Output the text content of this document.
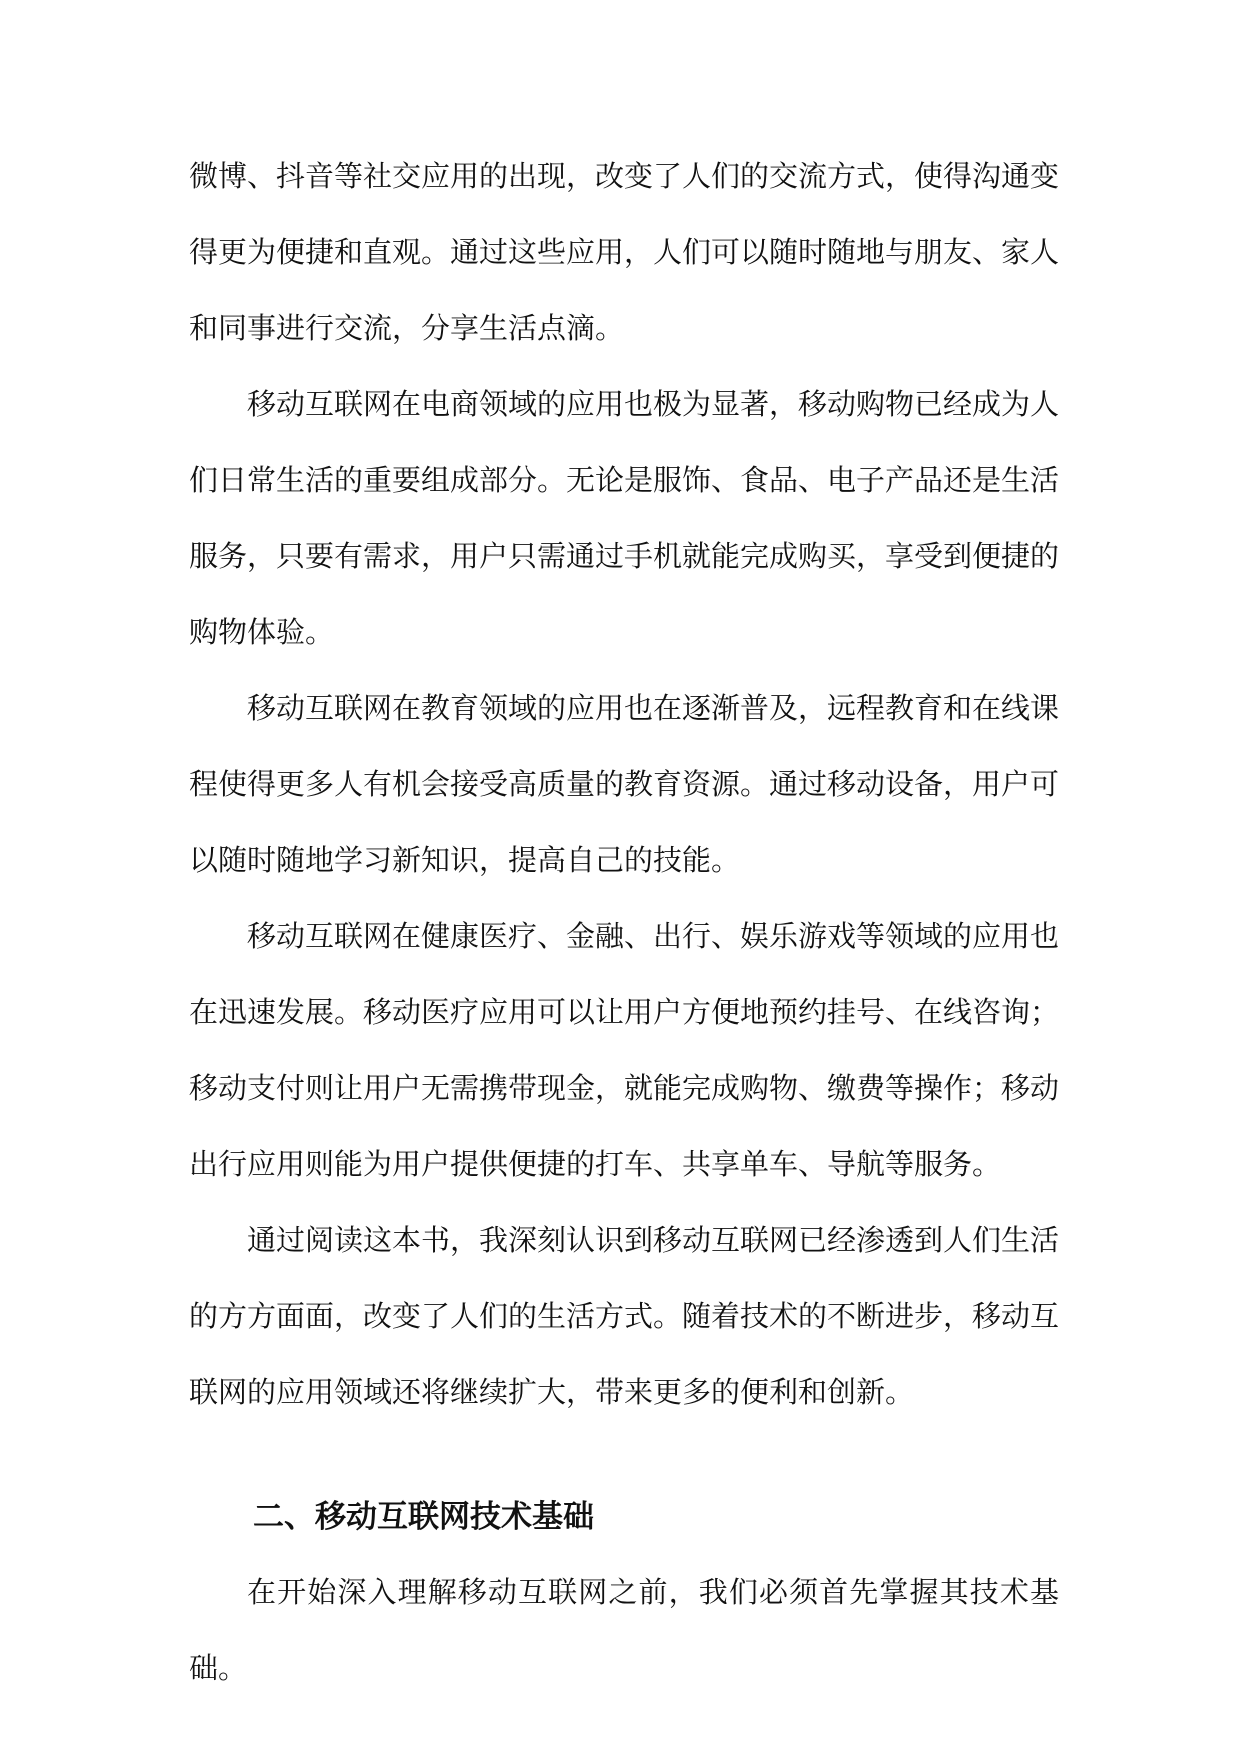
微博、抖音等社交应用的出现，改变了人们的交流方式，使得沟通变得更为便捷和直观。通过这些应用，人们可以随时随地与朋友、家人和同事进行交流，分享生活点滴。

移动互联网在电商领域的应用也极为显著，移动购物已经成为人们日常生活的重要组成部分。无论是服饰、食品、电子产品还是生活服务，只要有需求，用户只需通过手机就能完成购买，享受到便捷的购物体验。

移动互联网在教育领域的应用也在逐渐普及，远程教育和在线课程使得更多人有机会接受高质量的教育资源。通过移动设备，用户可以随时随地学习新知识，提高自己的技能。

移动互联网在健康医疗、金融、出行、娱乐游戏等领域的应用也在迅速发展。移动医疗应用可以让用户方便地预约挂号、在线咨询；移动支付则让用户无需携带现金，就能完成购物、缴费等操作；移动出行应用则能为用户提供便捷的打车、共享单车、导航等服务。

通过阅读这本书，我深刻认识到移动互联网已经渗透到人们生活的方方面面，改变了人们的生活方式。随着技术的不断进步，移动互联网的应用领域还将继续扩大，带来更多的便利和创新。

二、移动互联网技术基础

在开始深入理解移动互联网之前，我们必须首先掌握其技术基础。
